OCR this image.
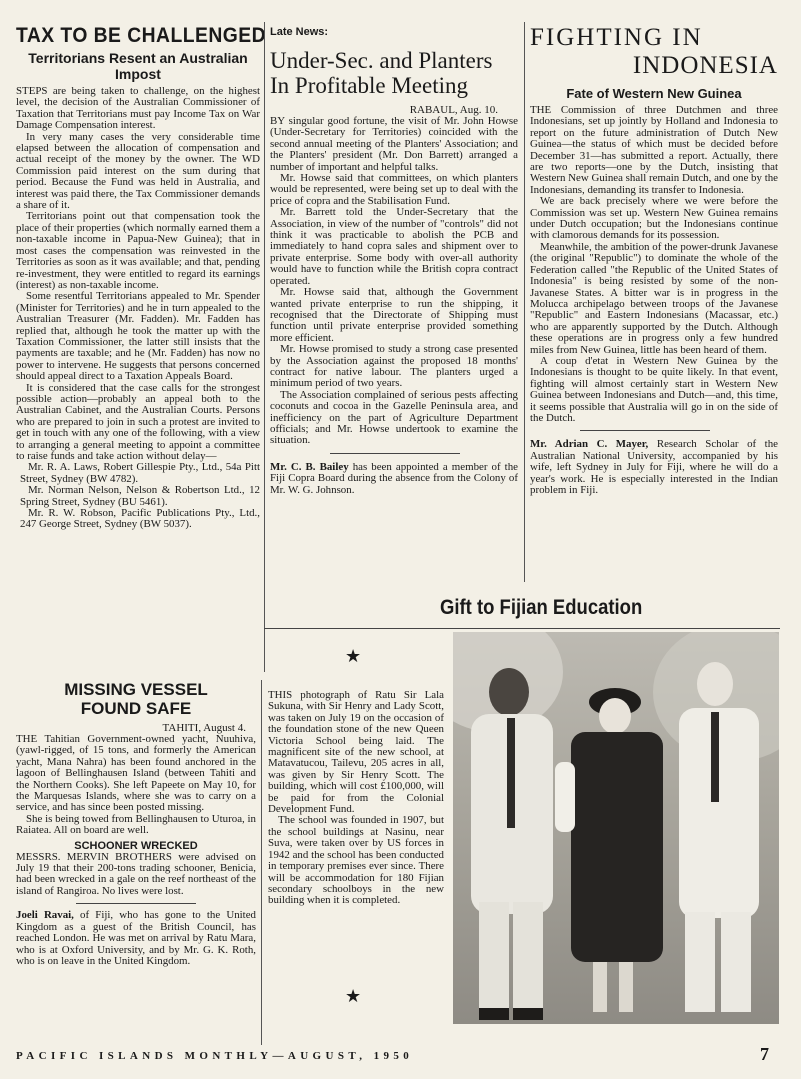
TAX TO BE CHALLENGED
Territorians Resent an Australian Impost

STEPS are being taken to challenge, on the highest level, the decision of the Australian Commissioner of Taxation that Territorians must pay Income Tax on War Damage Compensation interest.

In very many cases the very considerable time elapsed between the allocation of compensation and actual receipt of the money by the owner. The WD Commission paid interest on the sum during that period. Because the Fund was held in Australia, and interest was paid there, the Tax Commissioner demands a share of it.

Territorians point out that compensation took the place of their properties (which normally earned them a non-taxable income in Papua-New Guinea); that in most cases the compensation was reinvested in the Territories as soon as it was available; and that, pending re-investment, they were entitled to regard its earnings (interest) as non-taxable income.

Some resentful Territorians appealed to Mr. Spender (Minister for Territories) and he in turn appealed to the Australian Treasurer (Mr. Fadden). Mr. Fadden has replied that, although he took the matter up with the Taxation Commissioner, the latter still insists that the payments are taxable; and he (Mr. Fadden) has now no power to intervene. He suggests that persons concerned should appeal direct to a Taxation Appeals Board.

It is considered that the case calls for the strongest possible action—probably an appeal both to the Australian Cabinet, and the Australian Courts. Persons who are prepared to join in such a protest are invited to get in touch with any one of the following, with a view to arranging a general meeting to appoint a committee to raise funds and take action without delay—

Mr. R. A. Laws, Robert Gillespie Pty., Ltd., 54a Pitt Street, Sydney (BW 4782).

Mr. Norman Nelson, Nelson & Robertson Ltd., 12 Spring Street, Sydney (BU 5461).

Mr. R. W. Robson, Pacific Publications Pty., Ltd., 247 George Street, Sydney (BW 5037).

Late News:
Under-Sec. and Planters
In Profitable Meeting
RABAUL, Aug. 10.

BY singular good fortune, the visit of Mr. John Howse (Under-Secretary for Territories) coincided with the second annual meeting of the Planters' Association; and the Planters' president (Mr. Don Barrett) arranged a number of important and helpful talks.

Mr. Howse said that committees, on which planters would be represented, were being set up to deal with the price of copra and the Stabilisation Fund.

Mr. Barrett told the Under-Secretary that the Association, in view of the number of "controls" did not think it was practicable to abolish the PCB and immediately to hand copra sales and shipment over to private enterprise. Some body with over-all authority would have to function while the British copra contract operated.

Mr. Howse said that, although the Government wanted private enterprise to run the shipping, it recognised that the Directorate of Shipping must function until private enterprise provided something more efficient.

Mr. Howse promised to study a strong case presented by the Association against the proposed 18 months' contract for native labour. The planters urged a minimum period of two years.

The Association complained of serious pests affecting coconuts and cocoa in the Gazelle Peninsula area, and inefficiency on the part of Agriculture Department officials; and Mr. Howse undertook to examine the situation.

Mr. C. B. Bailey has been appointed a member of the Fiji Copra Board during the absence from the Colony of Mr. W. G. Johnson.

FIGHTING IN
INDONESIA
Fate of Western New Guinea

THE Commission of three Dutchmen and three Indonesians, set up jointly by Holland and Indonesia to report on the future administration of Dutch New Guinea—the status of which must be decided before December 31—has submitted a report. Actually, there are two reports—one by the Dutch, insisting that Western New Guinea shall remain Dutch, and one by the Indonesians, demanding its transfer to Indonesia.

We are back precisely where we were before the Commission was set up. Western New Guinea remains under Dutch occupation; but the Indonesians continue with clamorous demands for its possession.

Meanwhile, the ambition of the power-drunk Javanese (the original "Republic") to dominate the whole of the Federation called "the Republic of the United States of Indonesia" is being resisted by some of the non-Javanese States. A bitter war is in progress in the Molucca archipelago between troops of the Javanese "Republic" and Eastern Indonesians (Macassar, etc.) who are apparently supported by the Dutch. Although these operations are in progress only a few hundred miles from New Guinea, little has been heard of them.

A coup d'etat in Western New Guinea by the Indonesians is thought to be quite likely. In that event, fighting will almost certainly start in Western New Guinea between Indonesians and Dutch—and, this time, it seems possible that Australia will go in on the side of the Dutch.

Mr. Adrian C. Mayer, Research Scholar of the Australian National University, accompanied by his wife, left Sydney in July for Fiji, where he will do a year's work. He is especially interested in the Indian problem in Fiji.

Gift to Fijian Education
MISSING VESSEL FOUND SAFE
TAHITI, August 4.

THE Tahitian Government-owned yacht, Nuuhiva, (yawl-rigged, of 15 tons, and formerly the American yacht, Mana Nahra) has been found anchored in the lagoon of Bellinghausen Island (between Tahiti and the Northern Cooks). She left Papeete on May 10, for the Marquesas Islands, where she was to carry on a service, and has since been posted missing.

She is being towed from Bellinghausen to Uturoa, in Raiatea. All on board are well.

SCHOONER WRECKED

MESSRS. MERVIN BROTHERS were advised on July 19 that their 200-tons trading schooner, Benicia, had been wrecked in a gale on the reef northeast of the island of Rangiroa. No lives were lost.

Joeli Ravai, of Fiji, who has gone to the United Kingdom as a guest of the British Council, has reached London. He was met on arrival by Ratu Mara, who is at Oxford University, and by Mr. G. K. Roth, who is on leave in the United Kingdom.

★

THIS photograph of Ratu Sir Lala Sukuna, with Sir Henry and Lady Scott, was taken on July 19 on the occasion of the foundation stone of the new Queen Victoria School being laid. The magnificent site of the new school, at Matavatucou, Tailevu, 205 acres in all, was given by Sir Henry Scott. The building, which will cost £100,000, will be paid for from the Colonial Development Fund.

The school was founded in 1907, but the school buildings at Nasinu, near Suva, were taken over by US forces in 1942 and the school has been conducted in temporary premises ever since. There will be accommodation for 180 Fijian secondary schoolboys in the new building when it is completed.

★
PACIFIC ISLANDS MONTHLY—AUGUST, 1950	7
